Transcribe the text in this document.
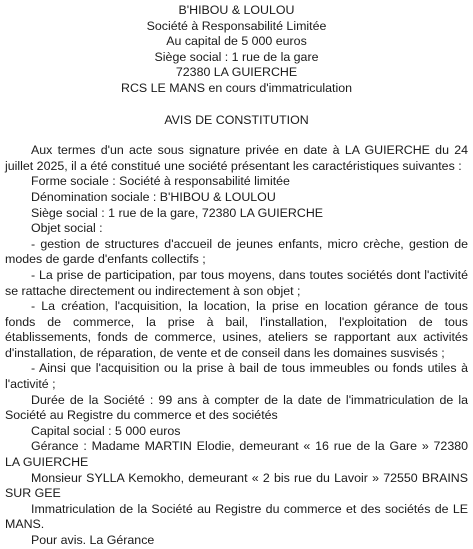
B'HIBOU & LOULOU
Société à Responsabilité Limitée
Au capital de 5 000 euros
Siège social : 1 rue de la gare
72380 LA GUIERCHE
RCS LE MANS en cours d'immatriculation
AVIS DE CONSTITUTION

Aux termes d'un acte sous signature privée en date à LA GUIERCHE du 24 juillet 2025, il a été constitué une société présentant les caractéristiques suivantes :

Forme sociale : Société à responsabilité limitée

Dénomination sociale : B'HIBOU & LOULOU

Siège social : 1 rue de la gare, 72380 LA GUIERCHE

Objet social :

- gestion de structures d'accueil de jeunes enfants, micro crèche, gestion de modes de garde d'enfants collectifs ;

- La prise de participation, par tous moyens, dans toutes sociétés dont l'activité se rattache directement ou indirectement à son objet ;

- La création, l'acquisition, la location, la prise en location gérance de tous fonds de commerce, la prise à bail, l'installation, l'exploitation de tous établissements, fonds de commerce, usines, ateliers se rapportant aux activités d'installation, de réparation, de vente et de conseil dans les domaines susvisés ;

- Ainsi que l'acquisition ou la prise à bail de tous immeubles ou fonds utiles à l'activité ;

Durée de la Société : 99 ans à compter de la date de l'immatriculation de la Société au Registre du commerce et des sociétés

Capital social : 5 000 euros

Gérance : Madame MARTIN Elodie, demeurant « 16 rue de la Gare » 72380 LA GUIERCHE

Monsieur SYLLA Kemokho, demeurant « 2 bis rue du Lavoir » 72550 BRAINS SUR GEE

Immatriculation de la Société au Registre du commerce et des sociétés de LE MANS.

Pour avis. La Gérance
